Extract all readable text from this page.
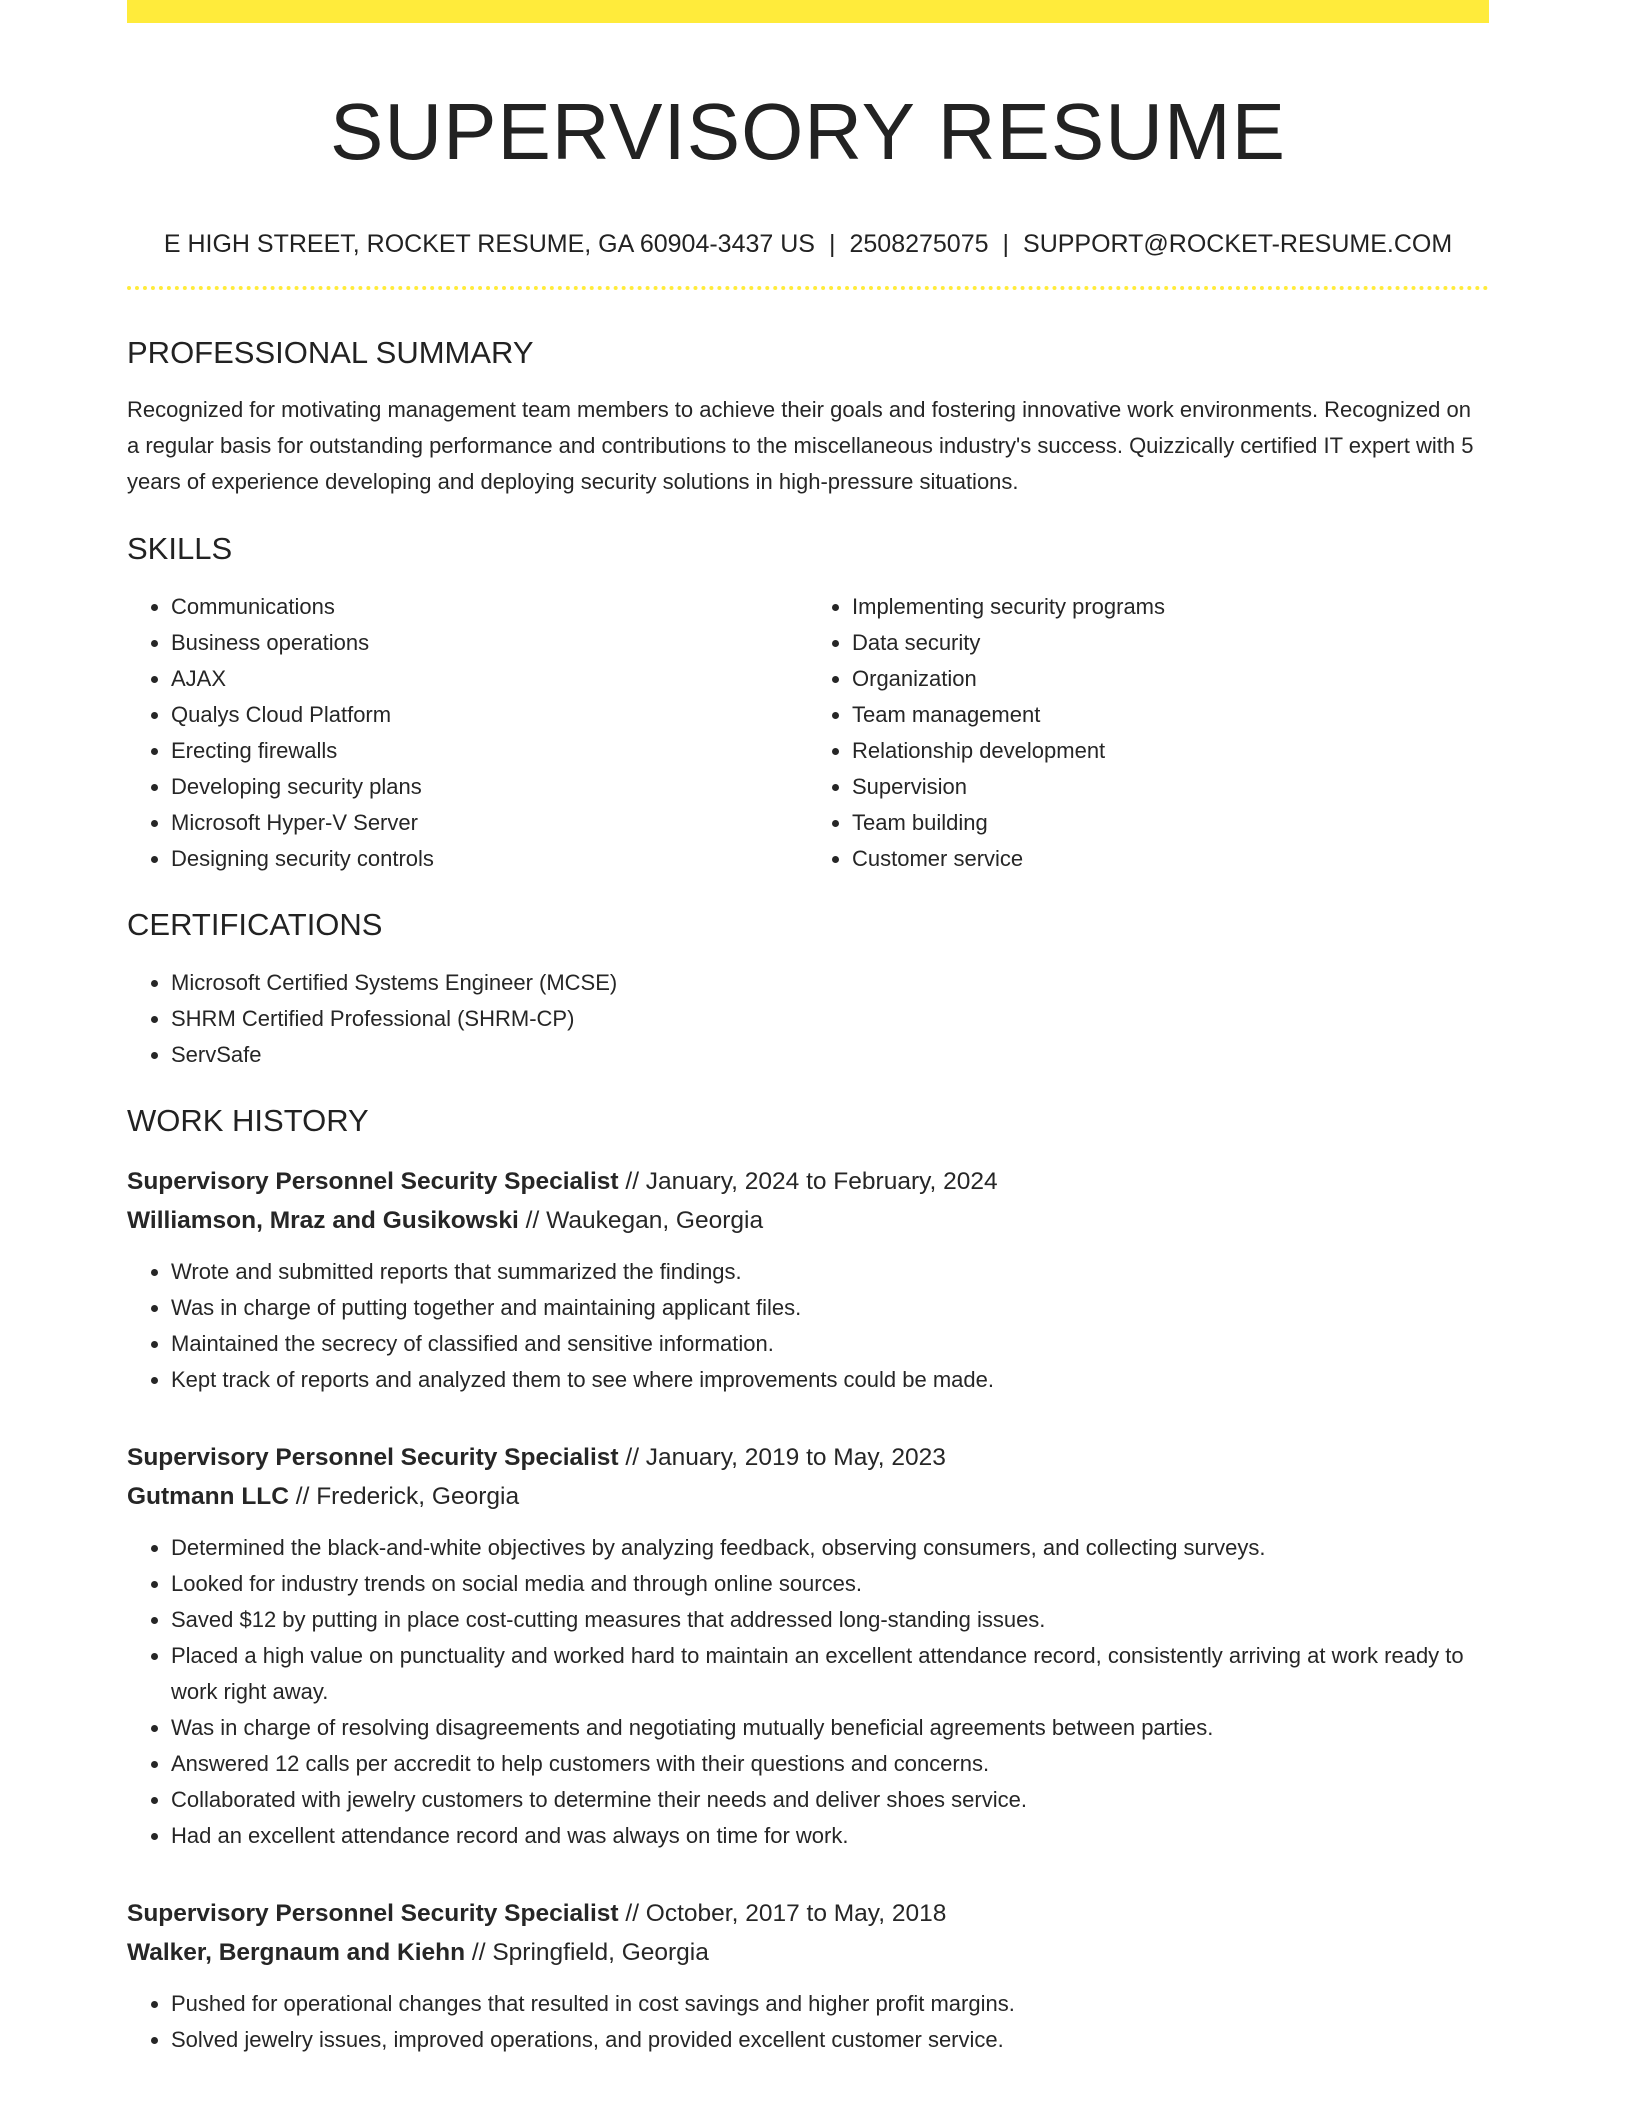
SUPERVISORY RESUME
E HIGH STREET, ROCKET RESUME, GA 60904-3437 US | 2508275075 | SUPPORT@ROCKET-RESUME.COM
PROFESSIONAL SUMMARY

Recognized for motivating management team members to achieve their goals and fostering innovative work environments. Recognized on a regular basis for outstanding performance and contributions to the miscellaneous industry's success. Quizzically certified IT expert with 5 years of experience developing and deploying security solutions in high-pressure situations.

SKILLS
• Communications
• Business operations
• AJAX
• Qualys Cloud Platform
• Erecting firewalls
• Developing security plans
• Microsoft Hyper-V Server
• Designing security controls
• Implementing security programs
• Data security
• Organization
• Team management
• Relationship development
• Supervision
• Team building
• Customer service
CERTIFICATIONS
• Microsoft Certified Systems Engineer (MCSE)
• SHRM Certified Professional (SHRM-CP)
• ServSafe
WORK HISTORY
Supervisory Personnel Security Specialist // January, 2024 to February, 2024
Williamson, Mraz and Gusikowski // Waukegan, Georgia
• Wrote and submitted reports that summarized the findings.
• Was in charge of putting together and maintaining applicant files.
• Maintained the secrecy of classified and sensitive information.
• Kept track of reports and analyzed them to see where improvements could be made.
Supervisory Personnel Security Specialist // January, 2019 to May, 2023
Gutmann LLC // Frederick, Georgia
• Determined the black-and-white objectives by analyzing feedback, observing consumers, and collecting surveys.
• Looked for industry trends on social media and through online sources.
• Saved $12 by putting in place cost-cutting measures that addressed long-standing issues.
• Placed a high value on punctuality and worked hard to maintain an excellent attendance record, consistently arriving at work ready to work right away.
• Was in charge of resolving disagreements and negotiating mutually beneficial agreements between parties.
• Answered 12 calls per accredit to help customers with their questions and concerns.
• Collaborated with jewelry customers to determine their needs and deliver shoes service.
• Had an excellent attendance record and was always on time for work.
Supervisory Personnel Security Specialist // October, 2017 to May, 2018
Walker, Bergnaum and Kiehn // Springfield, Georgia
• Pushed for operational changes that resulted in cost savings and higher profit margins.
• Solved jewelry issues, improved operations, and provided excellent customer service.
